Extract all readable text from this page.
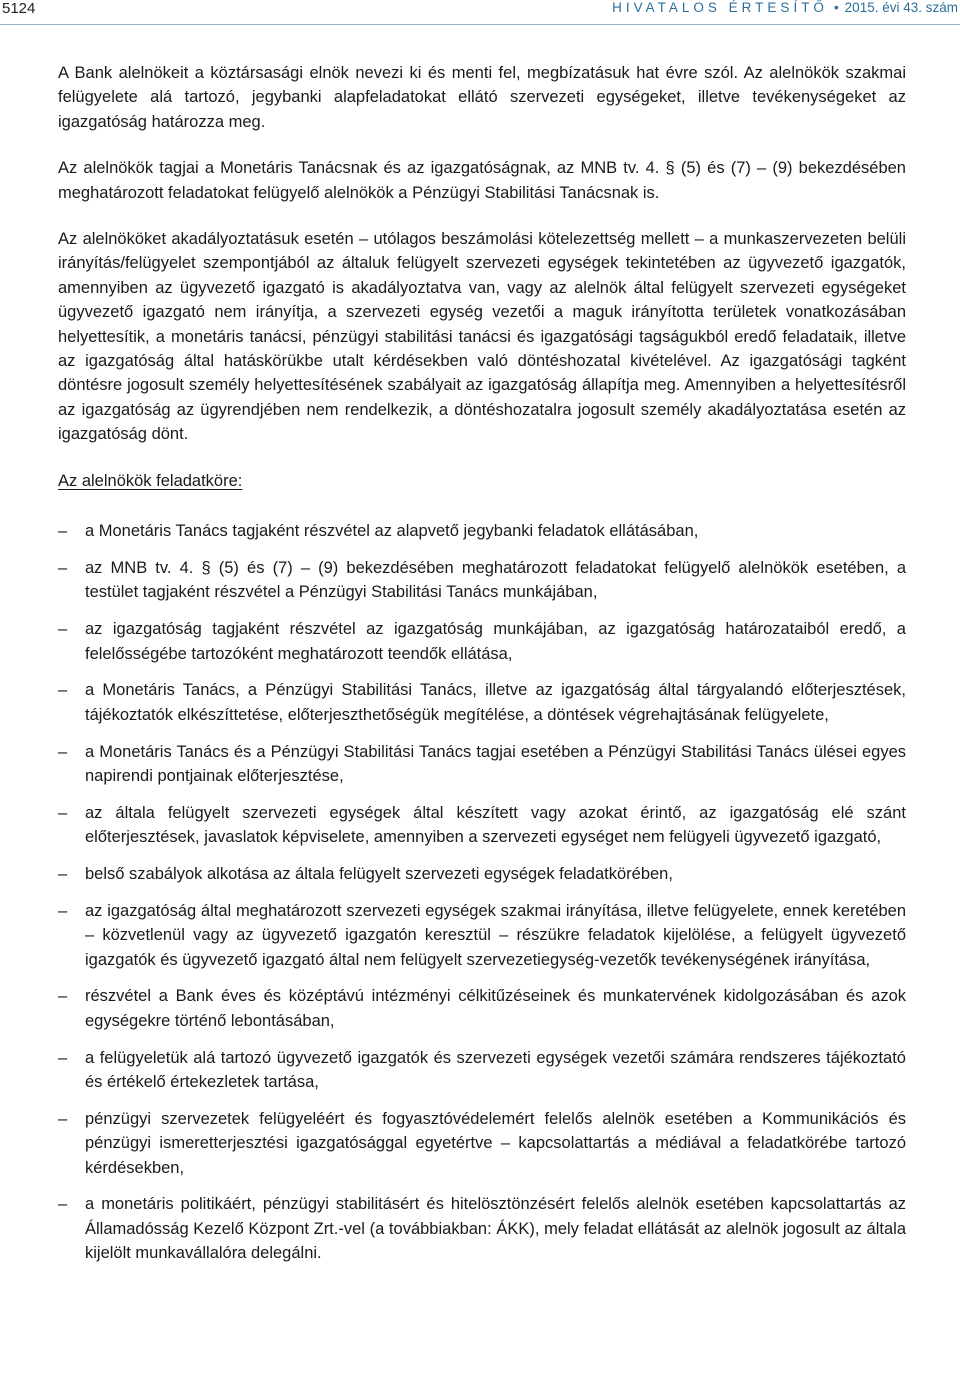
5124	HIVATALOS ÉRTESÍTŐ • 2015. évi 43. szám

A Bank alelnökeit a köztársasági elnök nevezi ki és menti fel, megbízatásuk hat évre szól. Az alelnökök szakmai felügyelete alá tartozó, jegybanki alapfeladatokat ellátó szervezeti egységeket, illetve tevékenységeket az igazgatóság határozza meg.

Az alelnökök tagjai a Monetáris Tanácsnak és az igazgatóságnak, az MNB tv. 4. § (5) és (7) – (9) bekezdésében meghatározott feladatokat felügyelő alelnökök a Pénzügyi Stabilitási Tanácsnak is.

Az alelnököket akadályoztatásuk esetén – utólagos beszámolási kötelezettség mellett – a munkaszervezeten belüli irányítás/felügyelet szempontjából az általuk felügyelt szervezeti egységek tekintetében az ügyvezető igazgatók, amennyiben az ügyvezető igazgató is akadályoztatva van, vagy az alelnök által felügyelt szervezeti egységeket ügyvezető igazgató nem irányítja, a szervezeti egység vezetői a maguk irányította területek vonatkozásában helyettesítik, a monetáris tanácsi, pénzügyi stabilitási tanácsi és igazgatósági tagságukból eredő feladataik, illetve az igazgatóság által hatáskörükbe utalt kérdésekben való döntéshozatal kivételével. Az igazgatósági tagként döntésre jogosult személy helyettesítésének szabályait az igazgatóság állapítja meg. Amennyiben a helyettesítésről az igazgatóság az ügyrendjében nem rendelkezik, a döntéshozatalra jogosult személy akadályoztatása esetén az igazgatóság dönt.

Az alelnökök feladatköre:

‒ a Monetáris Tanács tagjaként részvétel az alapvető jegybanki feladatok ellátásában,
‒ az MNB tv. 4. § (5) és (7) – (9) bekezdésében meghatározott feladatokat felügyelő alelnökök esetében, a testület tagjaként részvétel a Pénzügyi Stabilitási Tanács munkájában,
‒ az igazgatóság tagjaként részvétel az igazgatóság munkájában, az igazgatóság határozataiból eredő, a felelősségébe tartozóként meghatározott teendők ellátása,
‒ a Monetáris Tanács, a Pénzügyi Stabilitási Tanács, illetve az igazgatóság által tárgyalandó előterjesztések, tájékoztatók elkészíttetése, előterjeszthetőségük megítélése, a döntések végrehajtásának felügyelete,
‒ a Monetáris Tanács és a Pénzügyi Stabilitási Tanács tagjai esetében a Pénzügyi Stabilitási Tanács ülései egyes napirendi pontjainak előterjesztése,
‒ az általa felügyelt szervezeti egységek által készített vagy azokat érintő, az igazgatóság elé szánt előterjesztések, javaslatok képviselete, amennyiben a szervezeti egységet nem felügyeli ügyvezető igazgató,
‒ belső szabályok alkotása az általa felügyelt szervezeti egységek feladatkörében,
‒ az igazgatóság által meghatározott szervezeti egységek szakmai irányítása, illetve felügyelete, ennek keretében – közvetlenül vagy az ügyvezető igazgatón keresztül – részükre feladatok kijelölése, a felügyelt ügyvezető igazgatók és ügyvezető igazgató által nem felügyelt szervezetiegység-vezetők tevékenységének irányítása,
‒ részvétel a Bank éves és középtávú intézményi célkitűzéseinek és munkatervének kidolgozásában és azok egységekre történő lebontásában,
‒ a felügyeletük alá tartozó ügyvezető igazgatók és szervezeti egységek vezetői számára rendszeres tájékoztató és értékelő értekezletek tartása,
‒ pénzügyi szervezetek felügyeléért és fogyasztóvédelemért felelős alelnök esetében a Kommunikációs és pénzügyi ismeretterjesztési igazgatósággal egyetértve – kapcsolattartás a médiával a feladatkörébe tartozó kérdésekben,
‒ a monetáris politikáért, pénzügyi stabilitásért és hitelösztönzésért felelős alelnök esetében kapcsolattartás az Államadósság Kezelő Központ Zrt.-vel (a továbbiakban: ÁKK), mely feladat ellátását az alelnök jogosult az általa kijelölt munkavállalóra delegálni.
